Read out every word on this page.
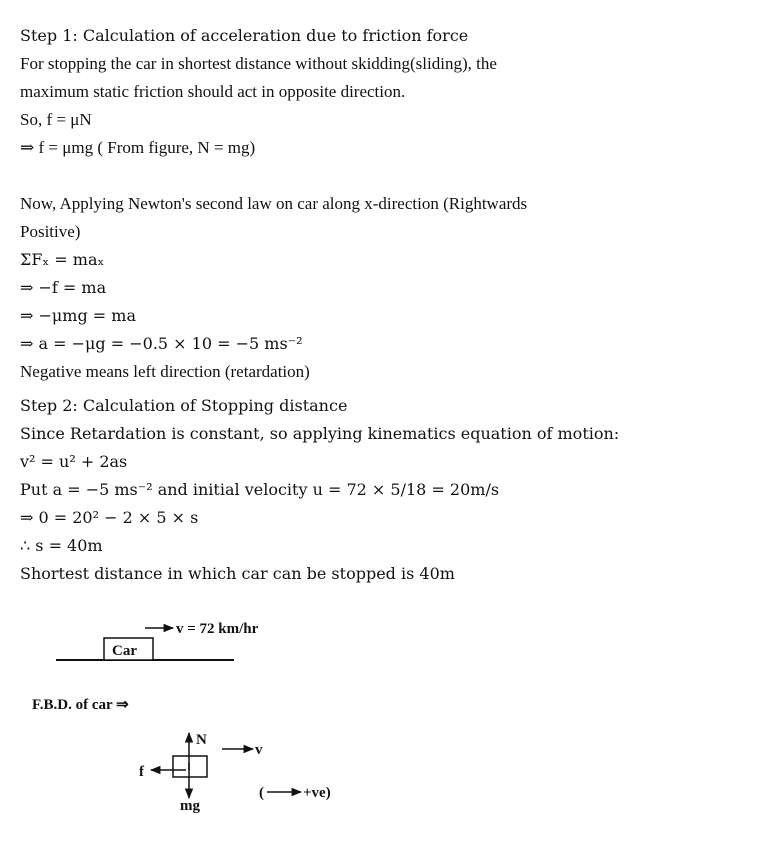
Step 1: Calculation of acceleration due to friction force
For stopping the car in shortest distance without skidding(sliding), the
maximum static friction should act in opposite direction.
So, f = μN
⇒ f = μmg ( From figure, N = mg)
Now, Applying Newton's second law on car along x-direction (Rightwards
Positive)
ΣFₓ = maₓ
⇒ −f = ma
⇒ −μmg = ma
⇒ a = −μg = −0.5 × 10 = −5 ms⁻²
Negative means left direction (retardation)
Step 2: Calculation of Stopping distance
Since Retardation is constant, so applying kinematics equation of motion:
v² = u² + 2as
Put a = −5 ms⁻² and initial velocity u = 72 × 5/18 = 20m/s
⇒ 0 = 20² − 2 × 5 × s
∴ s = 40m
Shortest distance in which car can be stopped is 40m
v = 72 km/hr
Car
F.B.D. of car ⇒
N
mg
f
v
(	+ve)
